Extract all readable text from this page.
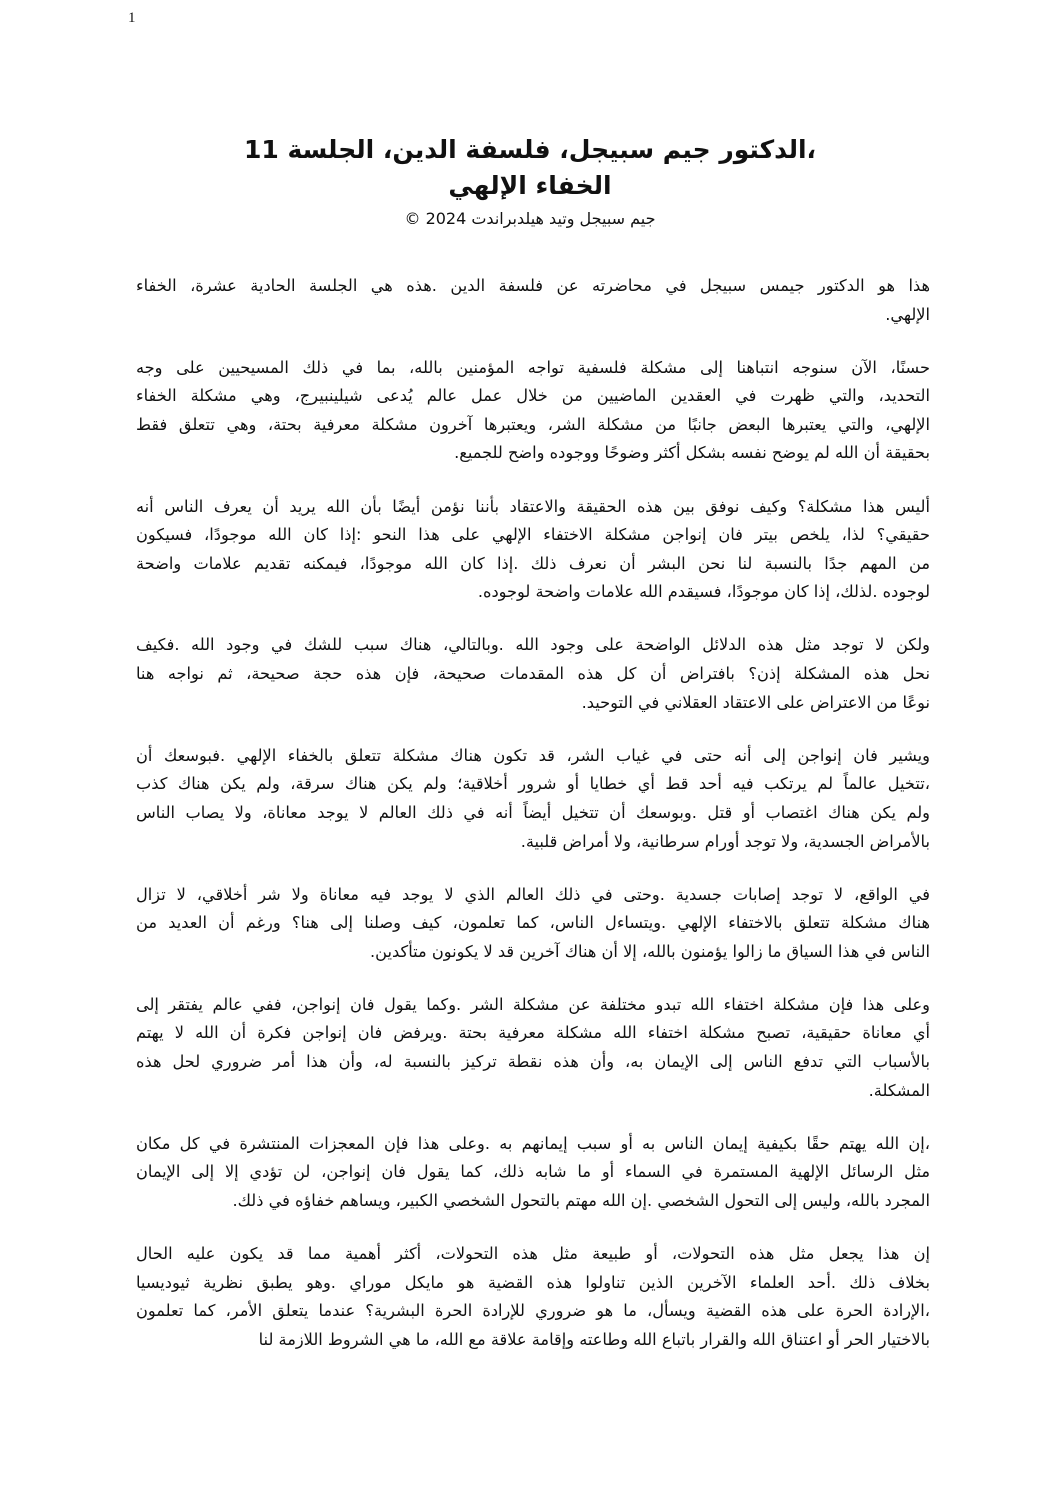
1
،الدكتور جيم سبيجل، فلسفة الدين، الجلسة 11
الخفاء الإلهي
جيم سبيجل وتيد هيلدبراندت 2024 ©
هذا هو الدكتور جيمس سبيجل في محاضرته عن فلسفة الدين .هذه هي الجلسة الحادية عشرة، الخفاء
الإلهي.
حسنًا، الآن سنوجه انتباهنا إلى مشكلة فلسفية تواجه المؤمنين بالله، بما في ذلك المسيحيين على وجه
التحديد، والتي ظهرت في العقدين الماضيين من خلال عمل عالم يُدعى شيلينبيرج، وهي مشكلة الخفاء
الإلهي، والتي يعتبرها البعض جانبًا من مشكلة الشر، ويعتبرها آخرون مشكلة معرفية بحتة، وهي تتعلق فقط
بحقيقة أن الله لم يوضح نفسه بشكل أكثر وضوحًا ووجوده واضح للجميع.
أليس هذا مشكلة؟ وكيف نوفق بين هذه الحقيقة والاعتقاد بأننا نؤمن أيضًا بأن الله يريد أن يعرف الناس أنه
حقيقي؟ لذا، يلخص بيتر فان إنواجن مشكلة الاختفاء الإلهي على هذا النحو :إذا كان الله موجودًا، فسيكون
من المهم جدًا بالنسبة لنا نحن البشر أن نعرف ذلك .إذا كان الله موجودًا، فيمكنه تقديم علامات واضحة
لوجوده .لذلك، إذا كان موجودًا، فسيقدم الله علامات واضحة لوجوده.
ولكن لا توجد مثل هذه الدلائل الواضحة على وجود الله .وبالتالي، هناك سبب للشك في وجود الله .فكيف
نحل هذه المشكلة إذن؟ بافتراض أن كل هذه المقدمات صحيحة، فإن هذه حجة صحيحة، ثم نواجه هنا
نوعًا من الاعتراض على الاعتقاد العقلاني في التوحيد.
ويشير فان إنواجن إلى أنه حتى في غياب الشر، قد تكون هناك مشكلة تتعلق بالخفاء الإلهي .فبوسعك أن
،تتخيل عالماً لم يرتكب فيه أحد قط أي خطايا أو شرور أخلاقية؛ ولم يكن هناك سرقة، ولم يكن هناك كذب
ولم يكن هناك اغتصاب أو قتل .وبوسعك أن تتخيل أيضاً أنه في ذلك العالم لا يوجد معاناة، ولا يصاب الناس
بالأمراض الجسدية، ولا توجد أورام سرطانية، ولا أمراض قلبية.
في الواقع، لا توجد إصابات جسدية .وحتى في ذلك العالم الذي لا يوجد فيه معاناة ولا شر أخلاقي، لا تزال
هناك مشكلة تتعلق بالاختفاء الإلهي .ويتساءل الناس، كما تعلمون، كيف وصلنا إلى هنا؟ ورغم أن العديد من
الناس في هذا السياق ما زالوا يؤمنون بالله، إلا أن هناك آخرين قد لا يكونون متأكدين.
وعلى هذا فإن مشكلة اختفاء الله تبدو مختلفة عن مشكلة الشر .وكما يقول فان إنواجن، ففي عالم يفتقر إلى
أي معاناة حقيقية، تصبح مشكلة اختفاء الله مشكلة معرفية بحتة .ويرفض فان إنواجن فكرة أن الله لا يهتم
بالأسباب التي تدفع الناس إلى الإيمان به، وأن هذه نقطة تركيز بالنسبة له، وأن هذا أمر ضروري لحل هذه
المشكلة.
،إن الله يهتم حقًا بكيفية إيمان الناس به أو سبب إيمانهم به .وعلى هذا فإن المعجزات المنتشرة في كل مكان
مثل الرسائل الإلهية المستمرة في السماء أو ما شابه ذلك، كما يقول فان إنواجن، لن تؤدي إلا إلى الإيمان
المجرد بالله، وليس إلى التحول الشخصي .إن الله مهتم بالتحول الشخصي الكبير، ويساهم خفاؤه في ذلك.
إن هذا يجعل مثل هذه التحولات، أو طبيعة مثل هذه التحولات، أكثر أهمية مما قد يكون عليه الحال
بخلاف ذلك .أحد العلماء الآخرين الذين تناولوا هذه القضية هو مايكل موراي .وهو يطبق نظرية ثيوديسيا
،الإرادة الحرة على هذه القضية ويسأل، ما هو ضروري للإرادة الحرة البشرية؟ عندما يتعلق الأمر، كما تعلمون
بالاختيار الحر أو اعتناق الله والقرار باتباع الله وطاعته وإقامة علاقة مع الله، ما هي الشروط اللازمة لنا
